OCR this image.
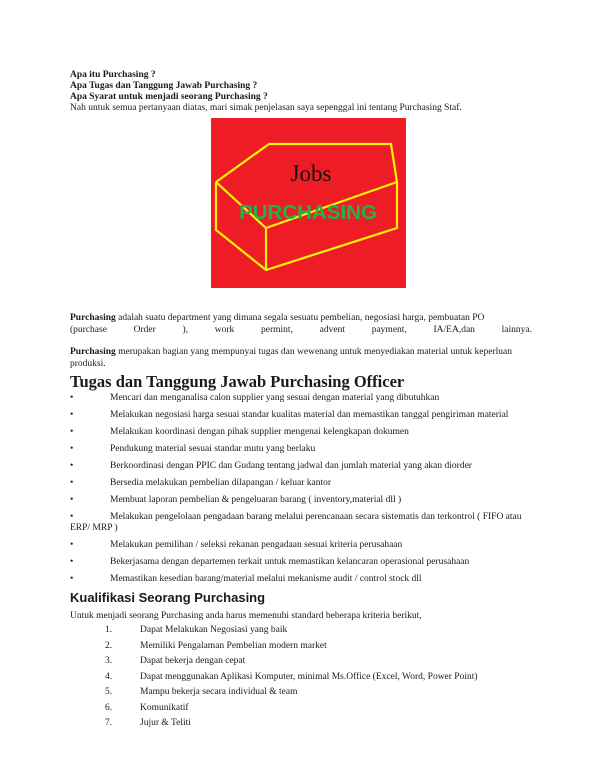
Apa itu Purchasing ?
Apa Tugas dan Tanggung Jawab Purchasing ?
Apa Syarat untuk menjadi seorang Purchasing ?
Nah untuk semua pertanyaan diatas, mari simak penjelasan saya sepenggal ini tentang Purchasing Staf.
Jobs
PURCHASING

Purchasing adalah suatu department yang dimana segala sesuatu pembelian, negosiasi harga, pembuatan PO

(purchase Order ), work permint, advent payment, IA/EA,dan lainnya.

Purchasing merupakan bagian yang mempunyai tugas dan wewenang untuk menyediakan material untuk keperluan produksi.

Tugas dan Tanggung Jawab Purchasing Officer
•	Mencari dan menganalisa calon supplier yang sesuai dengan material yang dibutuhkan
•	Melakukan negosiasi harga sesuai standar kualitas material dan memastikan tanggal pengiriman material
•	Melakukan koordinasi dengan pihak supplier mengenai kelengkapan dokumen
•	Pendukung material sesuai standar mutu yang berlaku
•	Berkoordinasi dengan PPIC dan Gudang tentang jadwal dan jumlah material yang akan diorder
•	Bersedia melakukan pembelian dilapangan / keluar kantor
•	Membuat laporan pembelian & pengeluaran barang ( inventory,material dll )
•	Melakukan pengelolaan pengadaan barang melalui perencanaan secara sistematis dan terkontrol ( FIFO atau ERP/ MRP )
•	Melakukan pemilihan / seleksi rekanan pengadaan sesuai kriteria perusahaan
•	Bekerjasama dengan departemen terkait untuk memastikan kelancaran operasional perusahaan
•	Memastikan kesedian barang/material melalui mekanisme audit / control stock dll
Kualifikasi Seorang Purchasing
Untuk menjadi seorang Purchasing anda harus memenuhi standard beberapa kriteria berikut,
1.	Dapat Melakukan Negosiasi yang baik
2.	Memiliki Pengalaman Pembelian modern market
3.	Dapat bekerja dengan cepat
4.	Dapat menggunakan Aplikasi Komputer, minimal Ms.Office (Excel, Word, Power Point)
5.	Mampu bekerja secara individual & team
6.	Komunikatif
7.	Jujur & Teliti
